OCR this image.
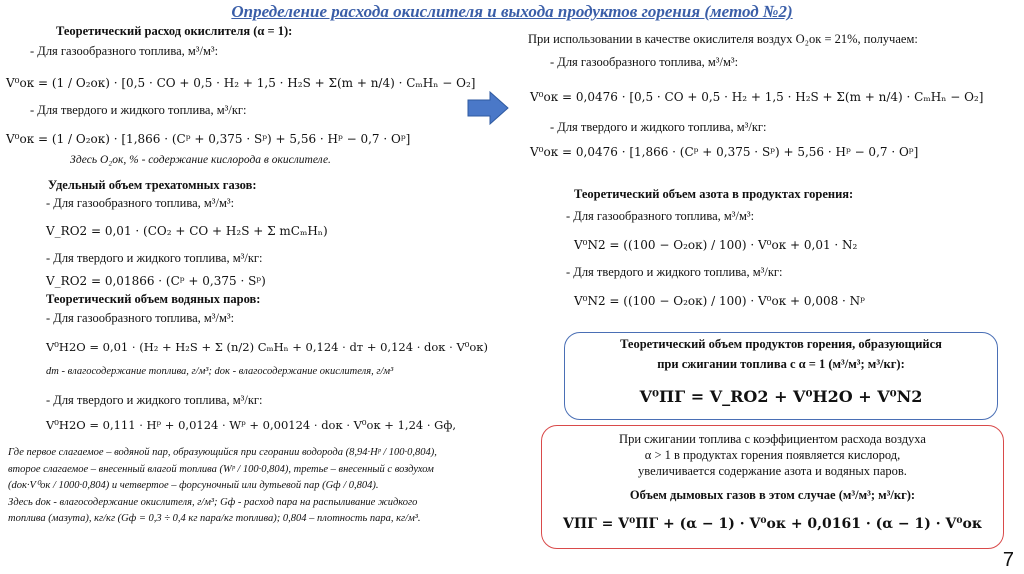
Определение расхода окислителя и выхода продуктов горения (метод №2)
Теоретический расход окислителя (α = 1):
- Для газообразного топлива, м³/м³:
V⁰ок = (1 / O₂ок) · [0,5 · CO + 0,5 · H₂ + 1,5 · H₂S + Σ(m + n/4) · CₘHₙ − O₂]
- Для твердого и жидкого топлива, м³/кг:
V⁰ок = (1 / O₂ок) · [1,866 · (Cᵖ + 0,375 · Sᵖ) + 5,56 · Hᵖ − 0,7 · Oᵖ]
Здесь O₂ок, % - содержание кислорода в окислителе.
При использовании в качестве окислителя воздух O₂ок = 21%, получаем:
- Для газообразного топлива, м³/м³:
V⁰ок = 0,0476 · [0,5 · CO + 0,5 · H₂ + 1,5 · H₂S + Σ(m + n/4) · CₘHₙ − O₂]
- Для твердого и жидкого топлива, м³/кг:
V⁰ок = 0,0476 · [1,866 · (Cᵖ + 0,375 · Sᵖ) + 5,56 · Hᵖ − 0,7 · Oᵖ]
Удельный объем трехатомных газов:
- Для газообразного топлива, м³/м³:
V_RO2 = 0,01 · (CO₂ + CO + H₂S + Σ mCₘHₙ)
- Для твердого и жидкого топлива, м³/кг:
V_RO2 = 0,01866 · (Cᵖ + 0,375 · Sᵖ)
Теоретический объем водяных паров:
- Для газообразного топлива, м³/м³:
V⁰H2O = 0,01 · (H₂ + H₂S + Σ (n/2) CₘHₙ + 0,124 · dт + 0,124 · dок · V⁰ок)
dт - влагосодержание топлива, г/м³; dок - влагосодержание окислителя, г/м³
- Для твердого и жидкого топлива, м³/кг:
V⁰H2O = 0,111 · Hᵖ + 0,0124 · Wᵖ + 0,00124 · dок · V⁰ок + 1,24 · Gф,
Где первое слагаемое – водяной пар, образующийся при сгорании водорода (8,94·Hᵖ / 100·0,804),
второе слагаемое – внесенный влагой топлива (Wᵖ / 100·0,804), третье – внесенный с воздухом
(dок·V⁰ок / 1000·0,804) и четвертое – форсуночный или дутьевой пар (Gф / 0,804).
Здесь dок - влагосодержание окислителя, г/м³; Gф - расход пара на распыливание жидкого
топлива (мазута), кг/кг (Gф = 0,3 ÷ 0,4 кг пара/кг топлива); 0,804 – плотность пара, кг/м³.
Теоретический объем азота в продуктах горения:
- Для газообразного топлива, м³/м³:
V⁰N2 = ((100 − O₂ок) / 100) · V⁰ок + 0,01 · N₂
- Для твердого и жидкого топлива, м³/кг:
V⁰N2 = ((100 − O₂ок) / 100) · V⁰ок + 0,008 · Nᵖ
Теоретический объем продуктов горения, образующийся
при сжигании топлива с α = 1 (м³/м³; м³/кг):
V⁰ПГ = V_RO2 + V⁰H2O + V⁰N2
При сжигании топлива с коэффициентом расхода воздуха
α > 1 в продуктах горения появляется кислород,
увеличивается содержание азота и водяных паров.
Объем дымовых газов в этом случае (м³/м³; м³/кг):
VПГ = V⁰ПГ + (α − 1) · V⁰ок + 0,0161 · (α − 1) · V⁰ок
7
